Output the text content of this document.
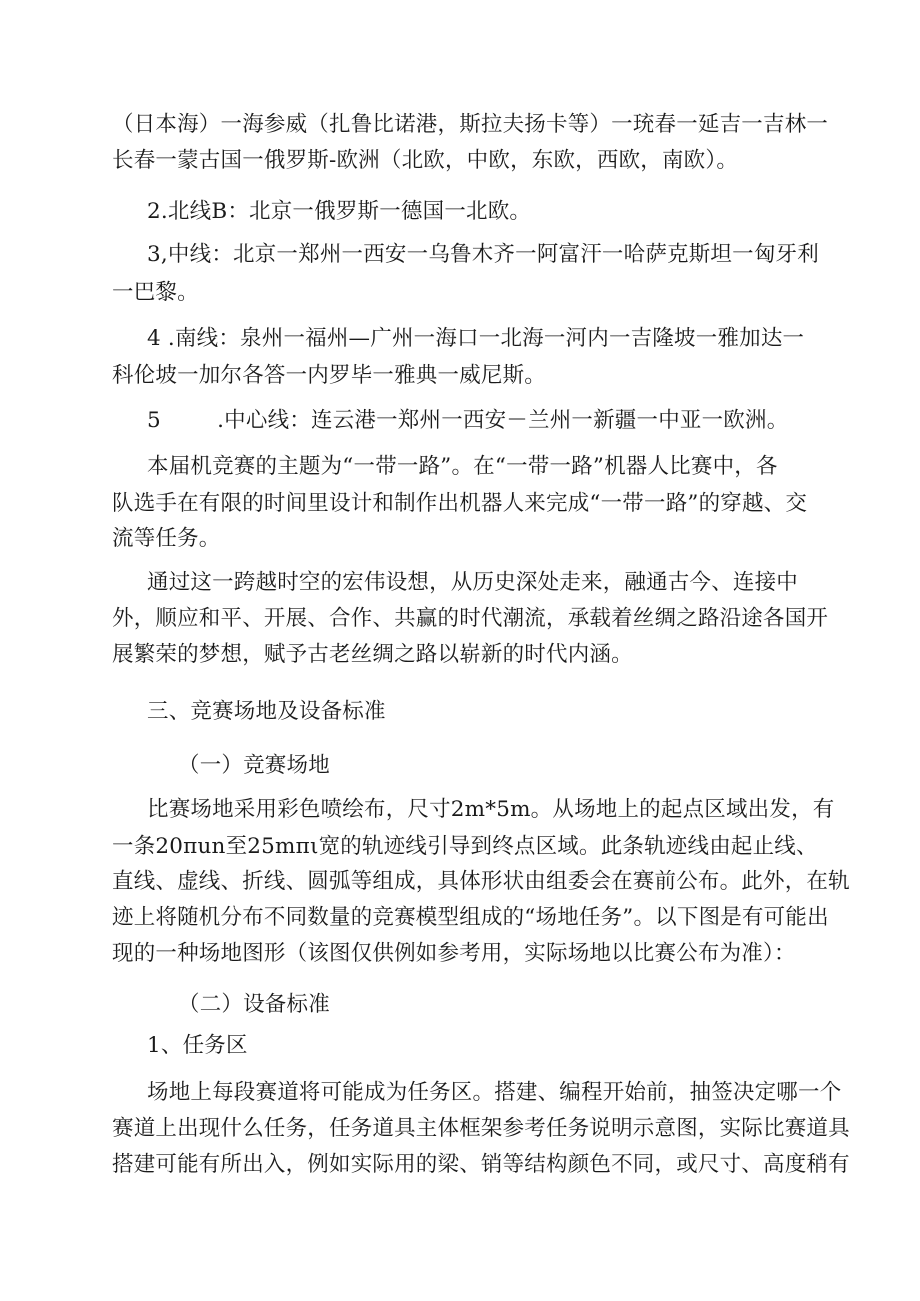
（日本海）一海参威（扎鲁比诺港，斯拉夫扬卡等）一珫春一延吉一吉林一
长春一蒙古国一俄罗斯-欧洲（北欧，中欧，东欧，西欧，南欧）。
2.北线B：北京一俄罗斯一德国一北欧。
3,中线：北京一郑州一西安一乌鲁木齐一阿富汗一哈萨克斯坦一匈牙利
一巴黎。
4 .南线：泉州一福州—广州一海口一北海一河内一吉隆坡一雅加达一
科伦坡一加尔各答一内罗毕一雅典一威尼斯。
5        .中心线：连云港一郑州一西安－兰州一新疆一中亚一欧洲。
本届机竞赛的主题为“一带一路”。在“一带一路”机器人比赛中，各
队选手在有限的时间里设计和制作出机器人来完成“一带一路”的穿越、交
流等任务。
通过这一跨越时空的宏伟设想，从历史深处走来，融通古今、连接中
外，顺应和平、开展、合作、共赢的时代潮流，承载着丝绸之路沿途各国开
展繁荣的梦想，赋予古老丝绸之路以崭新的时代内涵。
三、竞赛场地及设备标准
（一）竞赛场地
比赛场地采用彩色喷绘布，尺寸2m*5m。从场地上的起点区域出发，有
一条20πun至25mπι宽的轨迹线引导到终点区域。此条轨迹线由起止线、
直线、虚线、折线、圆弧等组成，具体形状由组委会在赛前公布。此外，在轨
迹上将随机分布不同数量的竞赛模型组成的“场地任务”。以下图是有可能出
现的一种场地图形（该图仅供例如参考用，实际场地以比赛公布为准）：
（二）设备标准
1、任务区
场地上每段赛道将可能成为任务区。搭建、编程开始前，抽签决定哪一个
赛道上出现什么任务，任务道具主体框架参考任务说明示意图，实际比赛道具
搭建可能有所出入，例如实际用的梁、销等结构颜色不同，或尺寸、高度稍有
